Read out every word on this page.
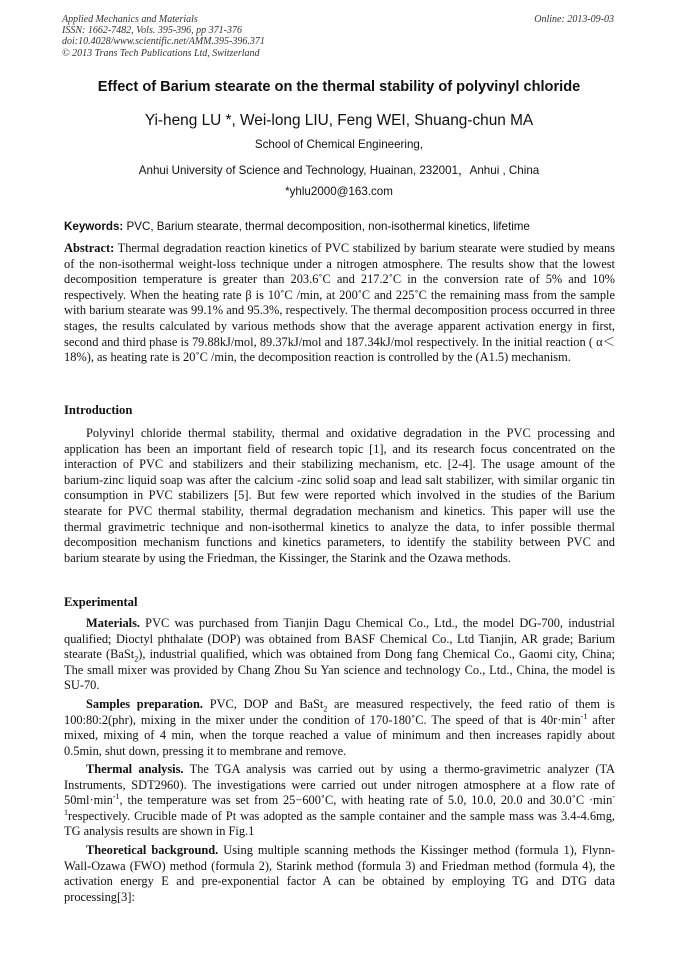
Applied Mechanics and Materials
ISSN: 1662-7482, Vols. 395-396, pp 371-376
doi:10.4028/www.scientific.net/AMM.395-396.371
© 2013 Trans Tech Publications Ltd, Switzerland
Online: 2013-09-03
Effect of Barium stearate on the thermal stability of polyvinyl chloride
Yi-heng LU *, Wei-long LIU, Feng WEI, Shuang-chun MA
School of Chemical Engineering,
Anhui University of Science and Technology, Huainan, 232001，Anhui , China
*yhlu2000@163.com
Keywords: PVC, Barium stearate, thermal decomposition, non-isothermal kinetics, lifetime

Abstract: Thermal degradation reaction kinetics of PVC stabilized by barium stearate were studied by means of the non-isothermal weight-loss technique under a nitrogen atmosphere. The results show that the lowest decomposition temperature is greater than 203.6˚C and 217.2˚C in the conversion rate of 5% and 10% respectively. When the heating rate β is 10˚C /min, at 200˚C and 225˚C the remaining mass from the sample with barium stearate was 99.1% and 95.3%, respectively. The thermal decomposition process occurred in three stages, the results calculated by various methods show that the average apparent activation energy in first, second and third phase is 79.88kJ/mol, 89.37kJ/mol and 187.34kJ/mol respectively. In the initial reaction ( α＜18%), as heating rate is 20˚C /min, the decomposition reaction is controlled by the (A1.5) mechanism.

Introduction

Polyvinyl chloride thermal stability, thermal and oxidative degradation in the PVC processing and application has been an important field of research topic [1], and its research focus concentrated on the interaction of PVC and stabilizers and their stabilizing mechanism, etc. [2-4]. The usage amount of the barium-zinc liquid soap was after the calcium -zinc solid soap and lead salt stabilizer, with similar organic tin consumption in PVC stabilizers [5]. But few were reported which involved in the studies of the Barium stearate for PVC thermal stability, thermal degradation mechanism and kinetics. This paper will use the thermal gravimetric technique and non-isothermal kinetics to analyze the data, to infer possible thermal decomposition mechanism functions and kinetics parameters, to identify the stability between PVC and barium stearate by using the Friedman, the Kissinger, the Starink and the Ozawa methods.

Experimental

Materials. PVC was purchased from Tianjin Dagu Chemical Co., Ltd., the model DG-700, industrial qualified; Dioctyl phthalate (DOP) was obtained from BASF Chemical Co., Ltd Tianjin, AR grade; Barium stearate (BaSt$_2$), industrial qualified, which was obtained from Dong fang Chemical Co., Gaomi city, China; The small mixer was provided by Chang Zhou Su Yan science and technology Co., Ltd., China, the model is SU-70.

Samples preparation. PVC, DOP and BaSt$_2$ are measured respectively, the feed ratio of them is 100:80:2(phr), mixing in the mixer under the condition of 170-180˚C. The speed of that is $40r\cdot\min^{-1}$ after mixed, mixing of 4 min, when the torque reached a value of minimum and then increases rapidly about 0.5min, shut down, pressing it to membrane and remove.

Thermal analysis. The TGA analysis was carried out by using a thermo-gravimetric analyzer (TA Instruments, SDT2960). The investigations were carried out under nitrogen atmosphere at a flow rate of $50ml\cdot\min^{-1}$, the temperature was set from 25−600˚C, with heating rate of 5.0, 10.0, 20.0 and 30.0˚C $\cdot\min^{-1}respectively$. Crucible made of Pt was adopted as the sample container and the sample mass was 3.4-4.6mg, TG analysis results are shown in Fig.1

Theoretical background. Using multiple scanning methods the Kissinger method (formula 1), Flynn-Wall-Ozawa (FWO) method (formula 2), Starink method (formula 3) and Friedman method (formula 4), the activation energy E and pre-exponential factor A can be obtained by employing TG and DTG data processing[3]:
